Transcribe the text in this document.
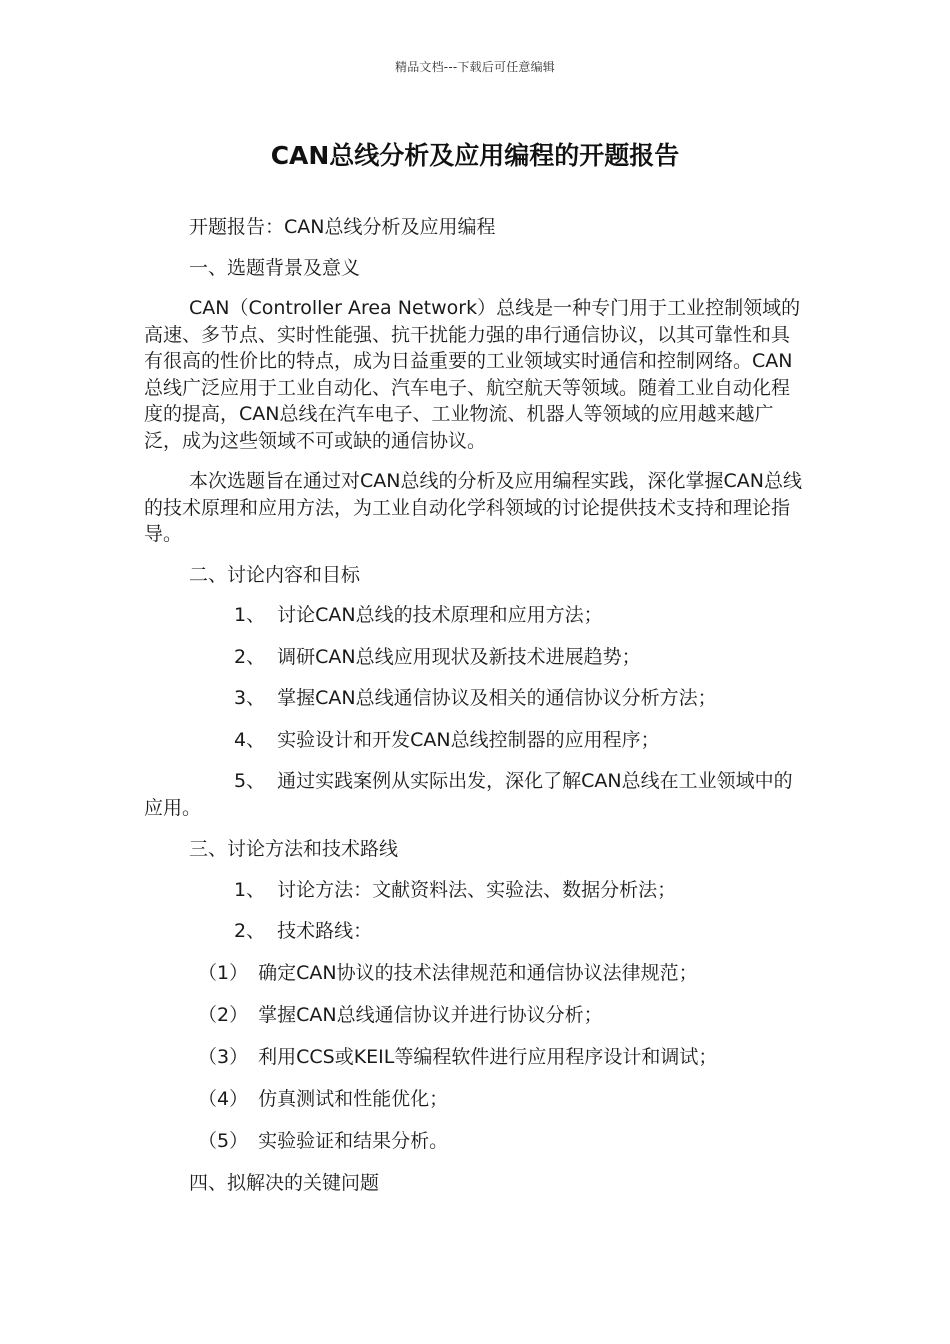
精品文档---下载后可任意编辑
CAN总线分析及应用编程的开题报告

开题报告：CAN总线分析及应用编程

一、选题背景及意义

CAN（Controller Area Network）总线是一种专门用于工业控制领域的高速、多节点、实时性能强、抗干扰能力强的串行通信协议，以其可靠性和具有很高的性价比的特点，成为日益重要的工业领域实时通信和控制网络。CAN总线广泛应用于工业自动化、汽车电子、航空航天等领域。随着工业自动化程度的提高，CAN总线在汽车电子、工业物流、机器人等领域的应用越来越广泛，成为这些领域不可或缺的通信协议。

本次选题旨在通过对CAN总线的分析及应用编程实践，深化掌握CAN总线的技术原理和应用方法，为工业自动化学科领域的讨论提供技术支持和理论指导。

二、讨论内容和目标

1、 讨论CAN总线的技术原理和应用方法；

2、 调研CAN总线应用现状及新技术进展趋势；

3、 掌握CAN总线通信协议及相关的通信协议分析方法；

4、 实验设计和开发CAN总线控制器的应用程序；

5、 通过实践案例从实际出发，深化了解CAN总线在工业领域中的应用。

三、讨论方法和技术路线

1、 讨论方法：文献资料法、实验法、数据分析法；

2、 技术路线：

（1） 确定CAN协议的技术法律规范和通信协议法律规范；

（2） 掌握CAN总线通信协议并进行协议分析；

（3） 利用CCS或KEIL等编程软件进行应用程序设计和调试；

（4） 仿真测试和性能优化；

（5） 实验验证和结果分析。

四、拟解决的关键问题
